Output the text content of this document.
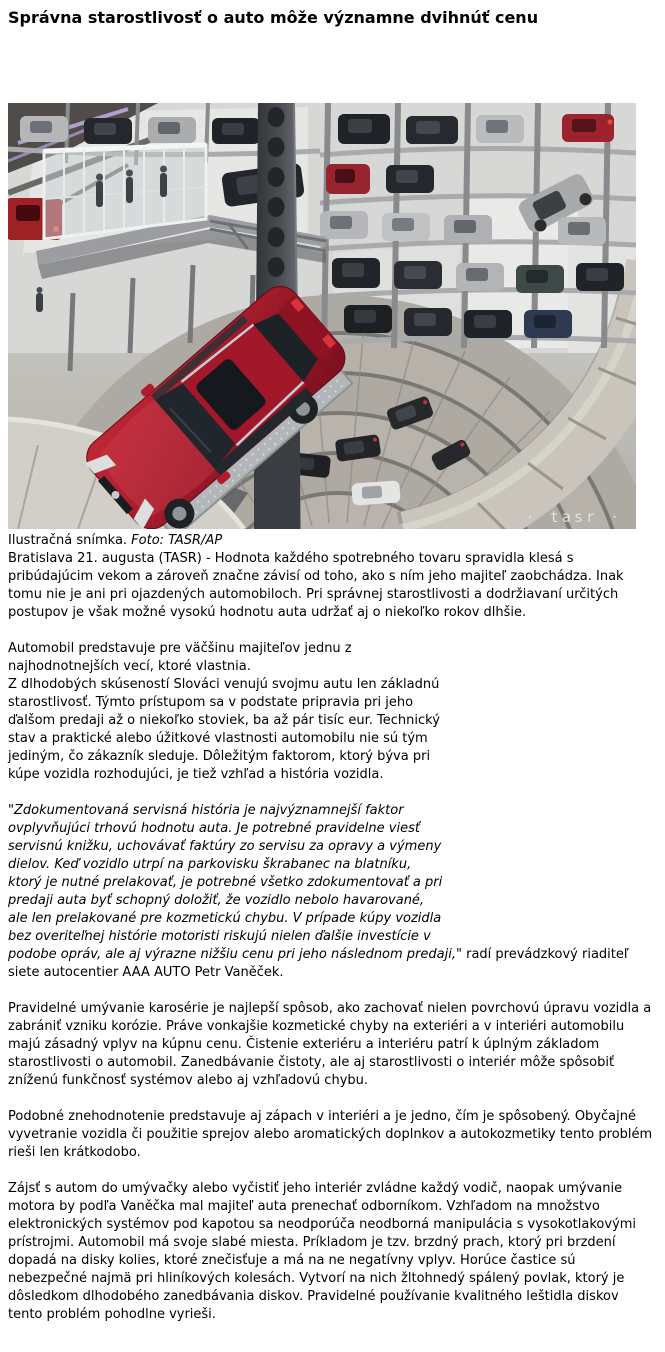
Správna starostlivosť o auto môže významne dvihnúť cenu
· tasr ·
Ilustračná snímka. Foto: TASR/AP

Bratislava 21. augusta (TASR) - Hodnota každého spotrebného tovaru spravidla klesá s pribúdajúcim vekom a zároveň značne závisí od toho, ako s ním jeho majiteľ zaobchádza. Inak tomu nie je ani pri ojazdených automobiloch. Pri správnej starostlivosti a dodržiavaní určitých postupov je však možné vysokú hodnotu auta udržať aj o niekoľko rokov dlhšie.

Automobil predstavuje pre väčšinu majiteľov jednu z najhodnotnejších vecí, ktoré vlastnia.
Z dlhodobých skúseností Slováci venujú svojmu autu len základnú starostlivosť. Týmto prístupom sa v podstate pripravia pri jeho ďalšom predaji až o niekoľko stoviek, ba až pár tisíc eur. Technický stav a praktické alebo úžitkové vlastnosti automobilu nie sú tým jediným, čo zákazník sleduje. Dôležitým faktorom, ktorý býva pri kúpe vozidla rozhodujúci, je tiež vzhľad a história vozidla.

"Zdokumentovaná servisná história je najvýznamnejší faktor ovplyvňujúci trhovú hodnotu auta. Je potrebné pravidelne viesť servisnú knižku, uchovávať faktúry zo servisu za opravy a výmeny dielov. Keď vozidlo utrpí na parkovisku škrabanec na blatníku, ktorý je nutné prelakovať, je potrebné všetko zdokumentovať a pri predaji auta byť schopný doložiť, že vozidlo nebolo havarované, ale len prelakované pre kozmetickú chybu. V prípade kúpy vozidla bez overiteľnej histórie motoristi riskujú nielen ďalšie investície v podobe opráv, ale aj výrazne nižšiu cenu pri jeho následnom predaji," radí prevádzkový riaditeľ siete autocentier AAA AUTO Petr Vaněček.

Pravidelné umývanie karosérie je najlepší spôsob, ako zachovať nielen povrchovú úpravu vozidla a zabrániť vzniku korózie. Práve vonkajšie kozmetické chyby na exteriéri a v interiéri automobilu majú zásadný vplyv na kúpnu cenu. Čistenie exteriéru a interiéru patrí k úplným základom starostlivosti o automobil. Zanedbávanie čistoty, ale aj starostlivosti o interiér môže spôsobiť zníženú funkčnosť systémov alebo aj vzhľadovú chybu.

Podobné znehodnotenie predstavuje aj zápach v interiéri a je jedno, čím je spôsobený. Obyčajné vyvetranie vozidla či použitie sprejov alebo aromatických doplnkov a autokozmetiky tento problém rieši len krátkodobo.

Zájsť s autom do umývačky alebo vyčistiť jeho interiér zvládne každý vodič, naopak umývanie motora by podľa Vaněčka mal majiteľ auta prenechať odborníkom. Vzhľadom na množstvo elektronických systémov pod kapotou sa neodporúča neodborná manipulácia s vysokotlakovými prístrojmi. Automobil má svoje slabé miesta. Príkladom je tzv. brzdný prach, ktorý pri brzdení dopadá na disky kolies, ktoré znečisťuje a má na ne negatívny vplyv. Horúce častice sú nebezpečné najmä pri hliníkových kolesách. Vytvorí na nich žltohnedý spálený povlak, ktorý je dôsledkom dlhodobého zanedbávania diskov. Pravidelné používanie kvalitného leštidla diskov tento problém pohodlne vyrieši.
